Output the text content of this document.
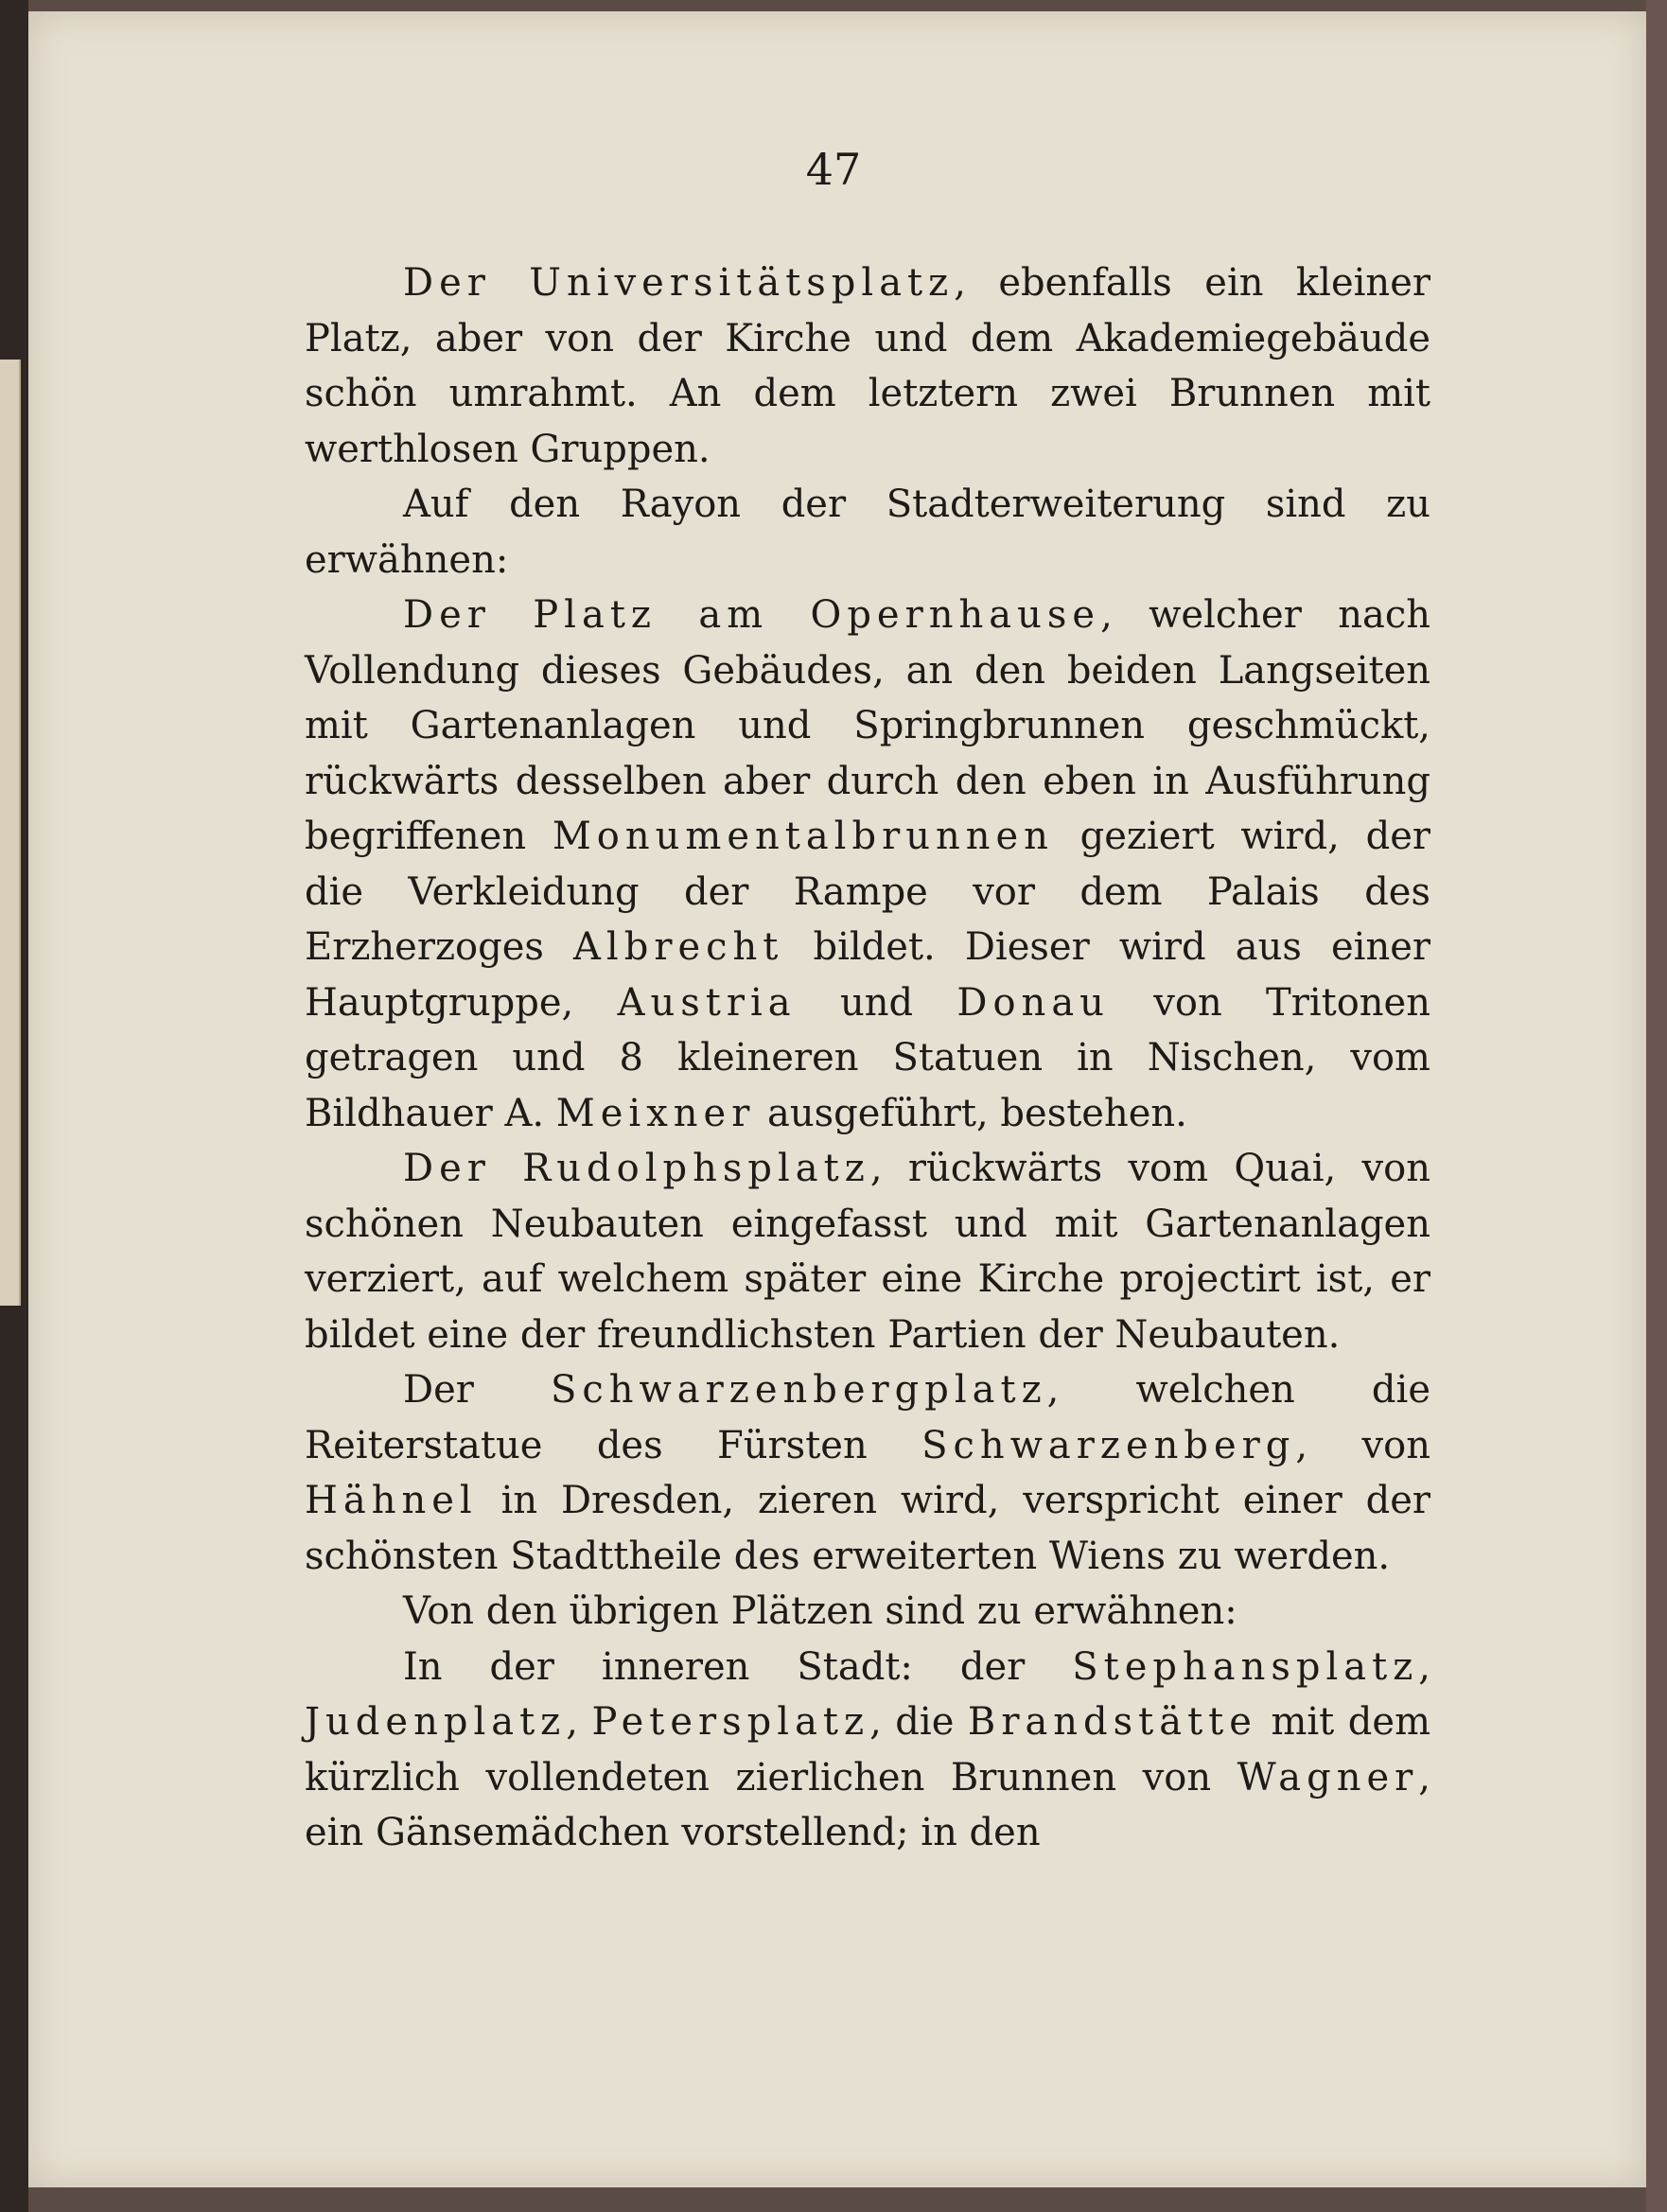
47

Der Universitätsplatz, ebenfalls ein kleiner Platz, aber von der Kirche und dem Akademiegebäude schön umrahmt. An dem letztern zwei Brunnen mit werthlosen Gruppen.

Auf den Rayon der Stadterweiterung sind zu erwähnen:

Der Platz am Opernhause, welcher nach Vollendung dieses Gebäudes, an den beiden Langseiten mit Gartenanlagen und Springbrunnen geschmückt, rückwärts desselben aber durch den eben in Ausführung begriffenen Monumentalbrunnen geziert wird, der die Verkleidung der Rampe vor dem Palais des Erzherzoges Albrecht bildet. Dieser wird aus einer Hauptgruppe, Austria und Donau von Tritonen getragen und 8 kleineren Statuen in Nischen, vom Bildhauer A. Meixner ausgeführt, bestehen.

Der Rudolphsplatz, rückwärts vom Quai, von schönen Neubauten eingefasst und mit Gartenanlagen verziert, auf welchem später eine Kirche projectirt ist, er bildet eine der freundlichsten Partien der Neubauten.

Der Schwarzenbergplatz, welchen die Reiterstatue des Fürsten Schwarzenberg, von Hähnel in Dresden, zieren wird, verspricht einer der schönsten Stadttheile des erweiterten Wiens zu werden.

Von den übrigen Plätzen sind zu erwähnen:

In der inneren Stadt: der Stephansplatz, Judenplatz, Petersplatz, die Brandstätte mit dem kürzlich vollendeten zierlichen Brunnen von Wagner, ein Gänsemädchen vorstellend; in den
